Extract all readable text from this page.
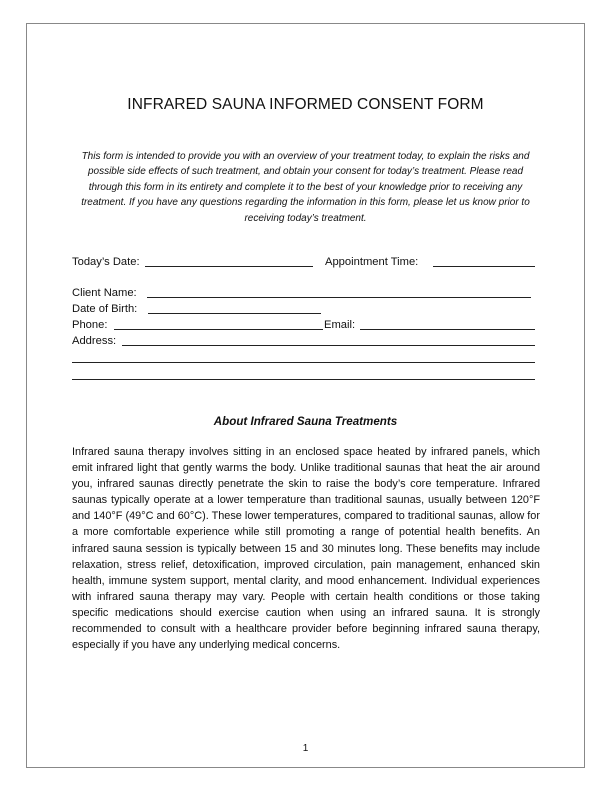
INFRARED SAUNA INFORMED CONSENT FORM
This form is intended to provide you with an overview of your treatment today, to explain the risks and possible side effects of such treatment, and obtain your consent for today’s treatment. Please read through this form in its entirety and complete it to the best of your knowledge prior to receiving any treatment. If you have any questions regarding the information in this form, please let us know prior to receiving today’s treatment.
Today’s Date:	Appointment Time:
Client Name:
Date of Birth:
Phone:	Email:
Address:
About Infrared Sauna Treatments
Infrared sauna therapy involves sitting in an enclosed space heated by infrared panels, which emit infrared light that gently warms the body. Unlike traditional saunas that heat the air around you, infrared saunas directly penetrate the skin to raise the body’s core temperature. Infrared saunas typically operate at a lower temperature than traditional saunas, usually between 120°F and 140°F (49°C and 60°C). These lower temperatures, compared to traditional saunas, allow for a more comfortable experience while still promoting a range of potential health benefits. An infrared sauna session is typically between 15 and 30 minutes long. These benefits may include relaxation, stress relief, detoxification, improved circulation, pain management, enhanced skin health, immune system support, mental clarity, and mood enhancement. Individual experiences with infrared sauna therapy may vary. People with certain health conditions or those taking specific medications should exercise caution when using an infrared sauna. It is strongly recommended to consult with a healthcare provider before beginning infrared sauna therapy, especially if you have any underlying medical concerns.
1
